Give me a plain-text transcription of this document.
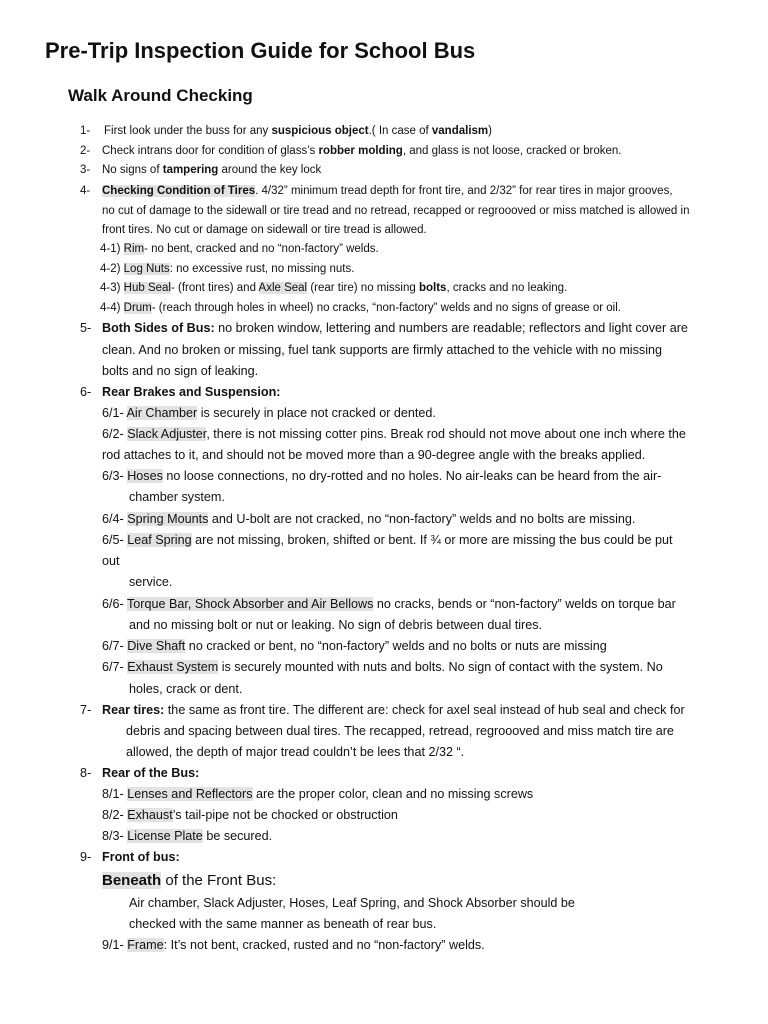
Pre-Trip Inspection Guide for School Bus
Walk Around Checking
1- First look under the buss for any suspicious object.( In case of vandalism)
2- Check intrans door for condition of glass’s robber molding, and glass is not loose, cracked or broken.
3- No signs of tampering around the key lock
4- Checking Condition of Tires. 4/32” minimum tread depth for front tire, and 2/32” for rear tires in major grooves,
no cut of damage to the sidewall or tire tread and no retread, recapped or regroooved or miss matched is allowed in
front tires. No cut or damage on sidewall or tire tread is allowed.
4-1) Rim- no bent, cracked and no “non-factory” welds.
4-2) Log Nuts: no excessive rust, no missing nuts.
4-3) Hub Seal- (front tires) and Axle Seal (rear tire) no missing bolts, cracks and no leaking.
4-4) Drum- (reach through holes in wheel) no cracks, “non-factory” welds and no signs of grease or oil.
5- Both Sides of Bus: no broken window, lettering and numbers are readable; reflectors and light cover are
clean. And no broken or missing, fuel tank supports are firmly attached to the vehicle with no missing
bolts and no sign of leaking.
6- Rear Brakes and Suspension:
6/1- Air Chamber is securely in place not cracked or dented.
6/2- Slack Adjuster, there is not missing cotter pins. Break rod should not move about one inch where the
rod attaches to it, and should not be moved more than a 90-degree angle with the breaks applied.
6/3- Hoses no loose connections, no dry-rotted and no holes. No air-leaks can be heard from the air-
chamber system.
6/4- Spring Mounts and U-bolt are not cracked, no “non-factory” welds and no bolts are missing.
6/5- Leaf Spring are not missing, broken, shifted or bent. If ¾ or more are missing the bus could be put
out
service.
6/6- Torque Bar, Shock Absorber and Air Bellows no cracks, bends or “non-factory” welds on torque bar
and no missing bolt or nut or leaking. No sign of debris between dual tires.
6/7- Dive Shaft no cracked or bent, no “non-factory” welds and no bolts or nuts are missing
6/7- Exhaust System is securely mounted with nuts and bolts. No sign of contact with the system. No
holes, crack or dent.
7- Rear tires: the same as front tire. The different are: check for axel seal instead of hub seal and check for
debris and spacing between dual tires. The recapped, retread, regroooved and miss match tire are
allowed, the depth of major tread couldn’t be lees that 2/32 “.
8- Rear of the Bus:
8/1- Lenses and Reflectors are the proper color, clean and no missing screws
8/2- Exhaust’s tail-pipe not be chocked or obstruction
8/3- License Plate be secured.
9- Front of bus:
Beneath of the Front Bus:
Air chamber, Slack Adjuster, Hoses, Leaf Spring, and Shock Absorber should be
checked with the same manner as beneath of rear bus.
9/1- Frame: It’s not bent, cracked, rusted and no “non-factory” welds.
